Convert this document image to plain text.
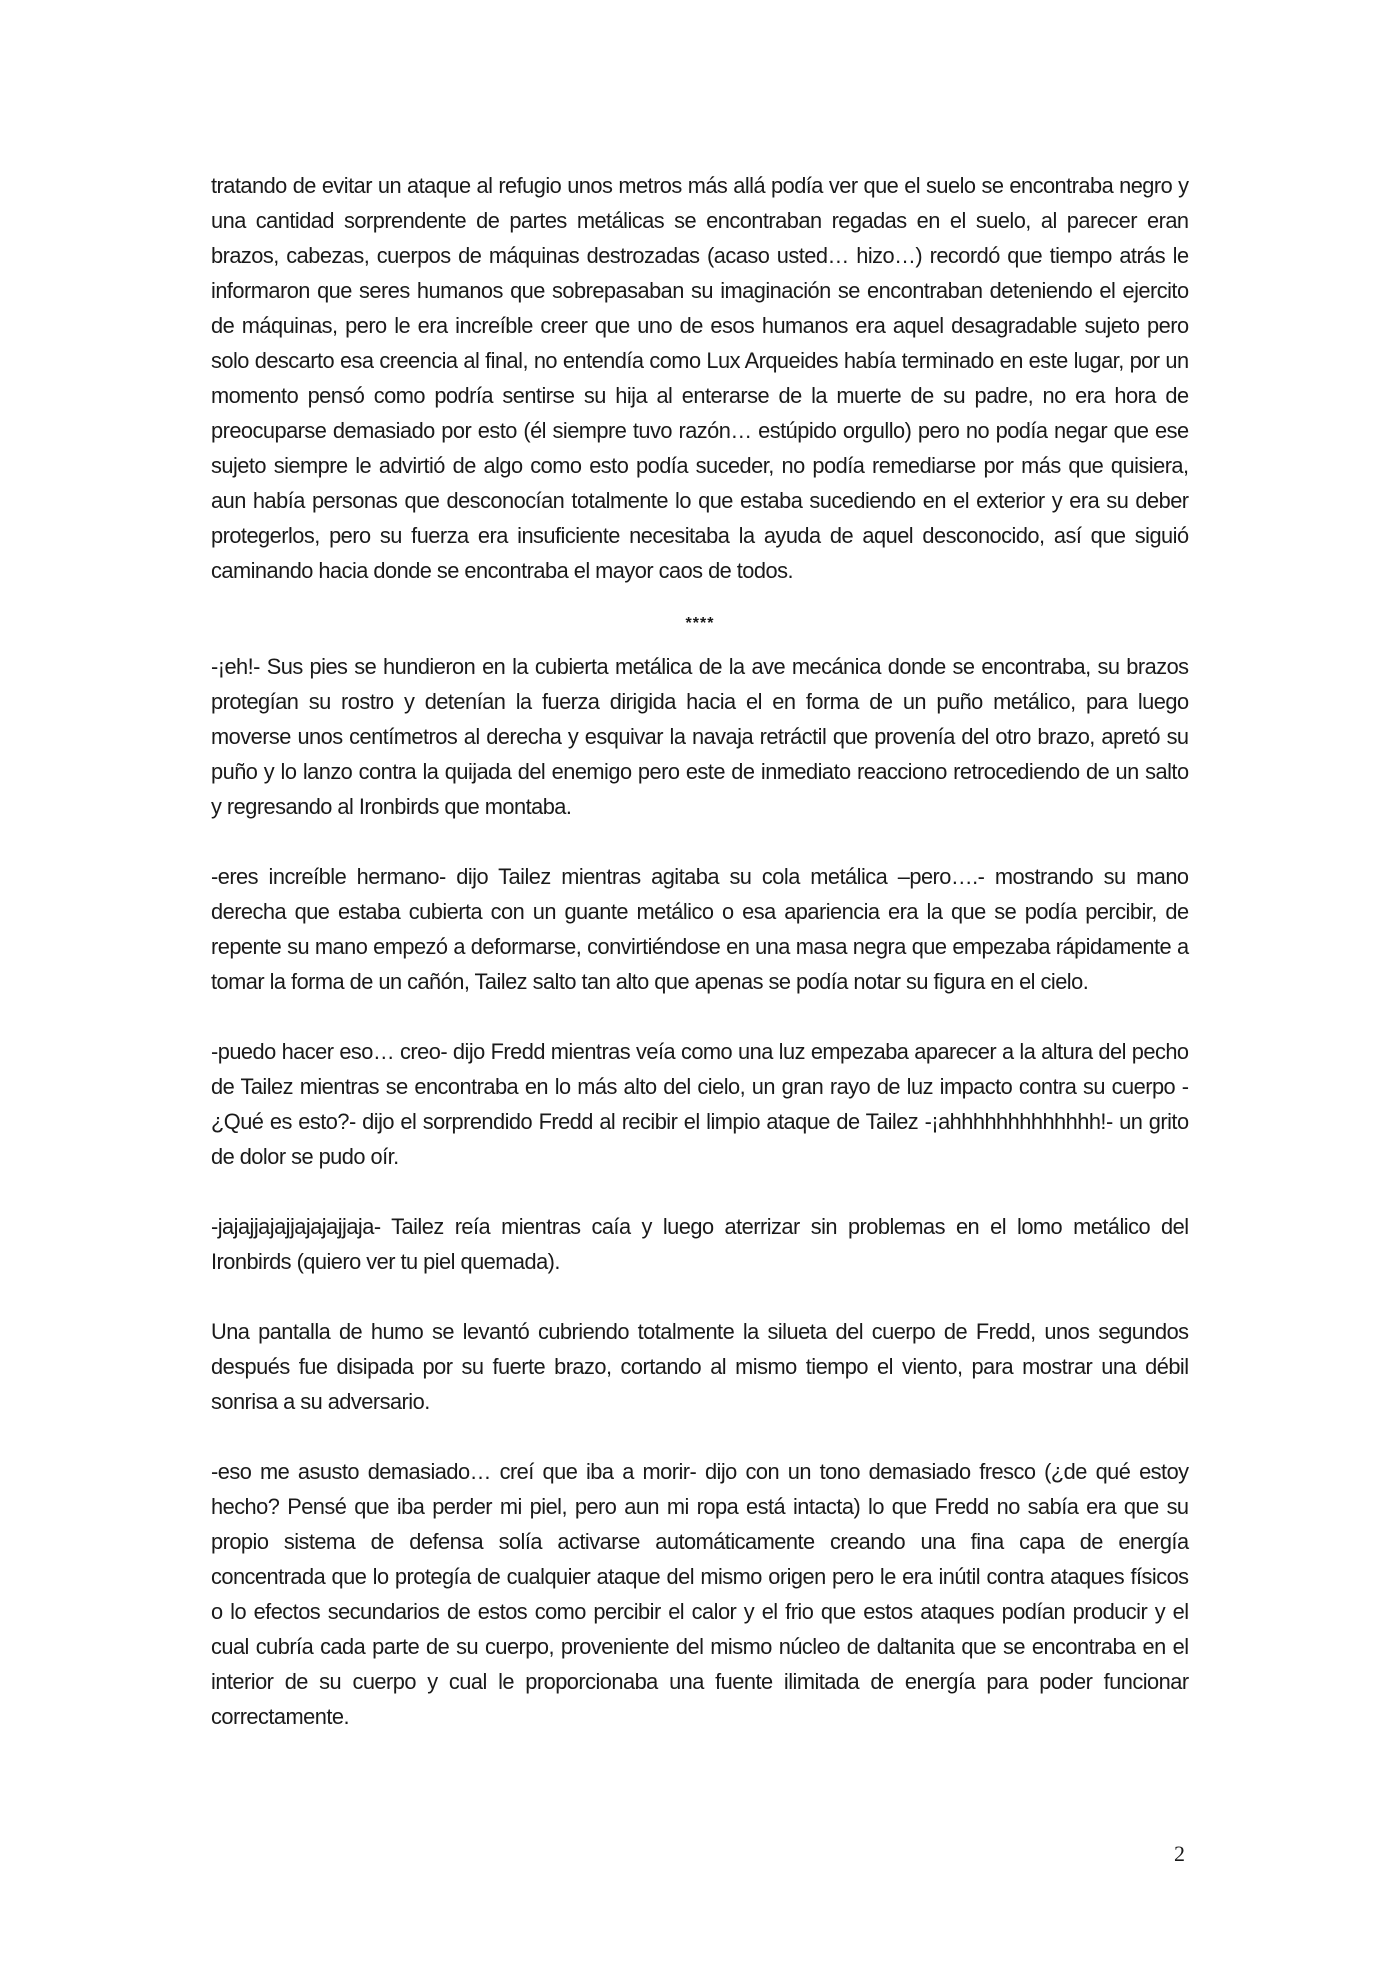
tratando de evitar un ataque al refugio unos metros más allá podía ver que el suelo se encontraba negro y una cantidad sorprendente de partes metálicas se encontraban regadas en el suelo, al parecer eran brazos, cabezas, cuerpos de máquinas destrozadas (acaso usted… hizo…) recordó que tiempo atrás le informaron que seres humanos que sobrepasaban su imaginación se encontraban deteniendo el ejercito de máquinas, pero le era increíble creer que uno de esos humanos era aquel desagradable sujeto pero solo descarto esa creencia al final, no entendía como Lux Arqueides había terminado en este lugar, por un momento pensó como podría sentirse su hija al enterarse de la muerte de su padre, no era hora de preocuparse demasiado por esto (él siempre tuvo razón… estúpido orgullo) pero no podía negar que ese sujeto siempre le advirtió de algo como esto podía suceder, no podía remediarse por más que quisiera, aun había personas que desconocían totalmente lo que estaba sucediendo en el exterior y era su deber protegerlos, pero su fuerza era insuficiente necesitaba la ayuda de aquel desconocido, así que siguió caminando hacia donde se encontraba el mayor caos de todos.

****

-¡eh!- Sus pies se hundieron en la cubierta metálica de la ave mecánica donde se encontraba, su brazos protegían su rostro y detenían la fuerza dirigida hacia el en forma de un puño metálico, para luego moverse unos centímetros al derecha y esquivar la navaja retráctil que provenía del otro brazo, apretó su puño y lo lanzo contra la quijada del enemigo pero este de inmediato reacciono retrocediendo de un salto y regresando al Ironbirds que montaba.

-eres increíble hermano- dijo Tailez mientras agitaba su cola metálica –pero….- mostrando su mano derecha que estaba cubierta con un guante metálico o esa apariencia era la que se podía percibir, de repente su mano empezó a deformarse, convirtiéndose en una masa negra que empezaba rápidamente a tomar la forma de un cañón, Tailez salto tan alto que apenas se podía notar su figura en el cielo.

-puedo hacer eso… creo- dijo Fredd mientras veía como una luz empezaba aparecer a la altura del pecho de Tailez mientras se encontraba en lo más alto del cielo, un gran rayo de luz impacto contra su cuerpo -¿Qué es esto?- dijo el sorprendido Fredd al recibir el limpio ataque de Tailez -¡ahhhhhhhhhhhhh!- un grito de dolor se pudo oír.

-jajajjajajjajajajjaja- Tailez reía mientras caía y luego aterrizar sin problemas en el lomo metálico del Ironbirds (quiero ver tu piel quemada).

Una pantalla de humo se levantó cubriendo totalmente la silueta del cuerpo de Fredd, unos segundos después fue disipada por su fuerte brazo, cortando al mismo tiempo el viento, para mostrar una débil sonrisa a su adversario.

-eso me asusto demasiado… creí que iba a morir- dijo con un tono demasiado fresco (¿de qué estoy hecho? Pensé que iba perder mi piel, pero aun mi ropa está intacta) lo que Fredd no sabía era que su propio sistema de defensa solía activarse automáticamente creando una fina capa de energía concentrada que lo protegía de cualquier ataque del mismo origen pero le era inútil contra ataques físicos o lo efectos secundarios de estos como percibir el calor y el frio que estos ataques podían producir y el cual cubría cada parte de su cuerpo, proveniente del mismo núcleo de daltanita que se encontraba en el interior de su cuerpo y cual le proporcionaba una fuente ilimitada de energía para poder funcionar correctamente.

2
